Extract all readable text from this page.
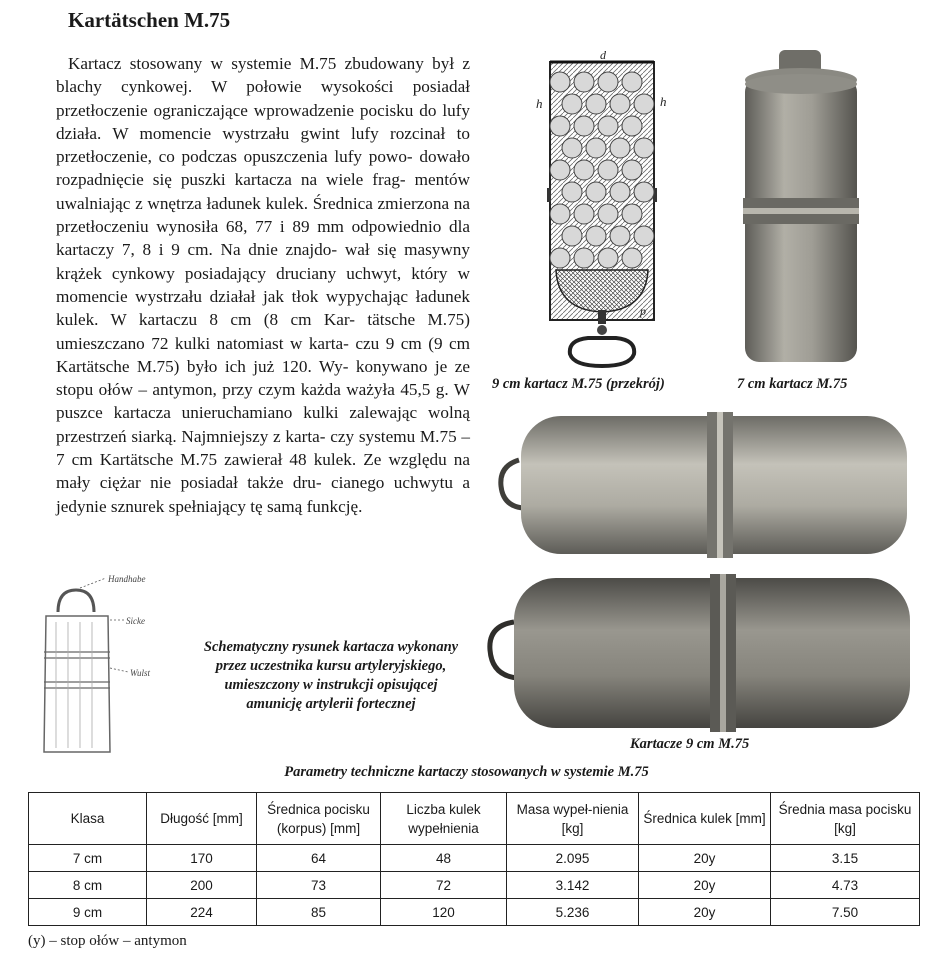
Kartätschen M.75
Kartacz stosowany w systemie M.75 zbudowany był z blachy cynkowej. W połowie wysokości posiadał przetłoczenie ograniczające wprowadzenie pocisku do lufy działa. W momencie wystrzału gwint lufy rozcinał to przetłoczenie, co podczas opuszczenia lufy powo- dowało rozpadnięcie się puszki kartacza na wiele frag- mentów uwalniając z wnętrza ładunek kulek. Średnica zmierzona na przetłoczeniu wynosiła 68, 77 i 89 mm odpowiednio dla kartaczy 7, 8 i 9 cm. Na dnie znajdo- wał się masywny krążek cynkowy posiadający druciany uchwyt, który w momencie wystrzału działał jak tłok wypychając ładunek kulek. W kartaczu 8 cm (8 cm Kar- tätsche M.75) umieszczano 72 kulki natomiast w karta- czu 9 cm (9 cm Kartätsche M.75) było ich już 120. Wy- konywano je ze stopu ołów – antymon, przy czym każda ważyła 45,5 g. W puszce kartacza unieruchamiano kulki zalewając wolną przestrzeń siarką. Najmniejszy z kartа- czy systemu M.75 – 7 cm Kartätsche M.75 zawierał 48 kulek. Ze względu na mały ciężar nie posiadał także dru- cianego uchwytu a jedynie sznurek spełniający tę samą funkcję.
d
h	h
p
Handhabe
Sicke
Wulst
9 cm kartacz M.75 (przekrój)	7 cm kartacz M.75
Kartacze 9 cm M.75
Schematyczny rysunek kartacza wykonany przez uczestnika kursu artyleryjskiego, umieszczony w instrukcji opisującej amunicję artylerii fortecznej
Parametry techniczne kartaczy stosowanych w systemie M.75
Klasa	Długość [mm]	Średnica pocisku (korpus) [mm]	Liczba kulek wypełnienia	Masa wypeł-nienia [kg]	Średnica kulek [mm]	Średnia masa pocisku [kg]
7 cm	170	64	48	2.095	20y	3.15
8 cm	200	73	72	3.142	20y	4.73
9 cm	224	85	120	5.236	20y	7.50
(y) – stop ołów – antymon
